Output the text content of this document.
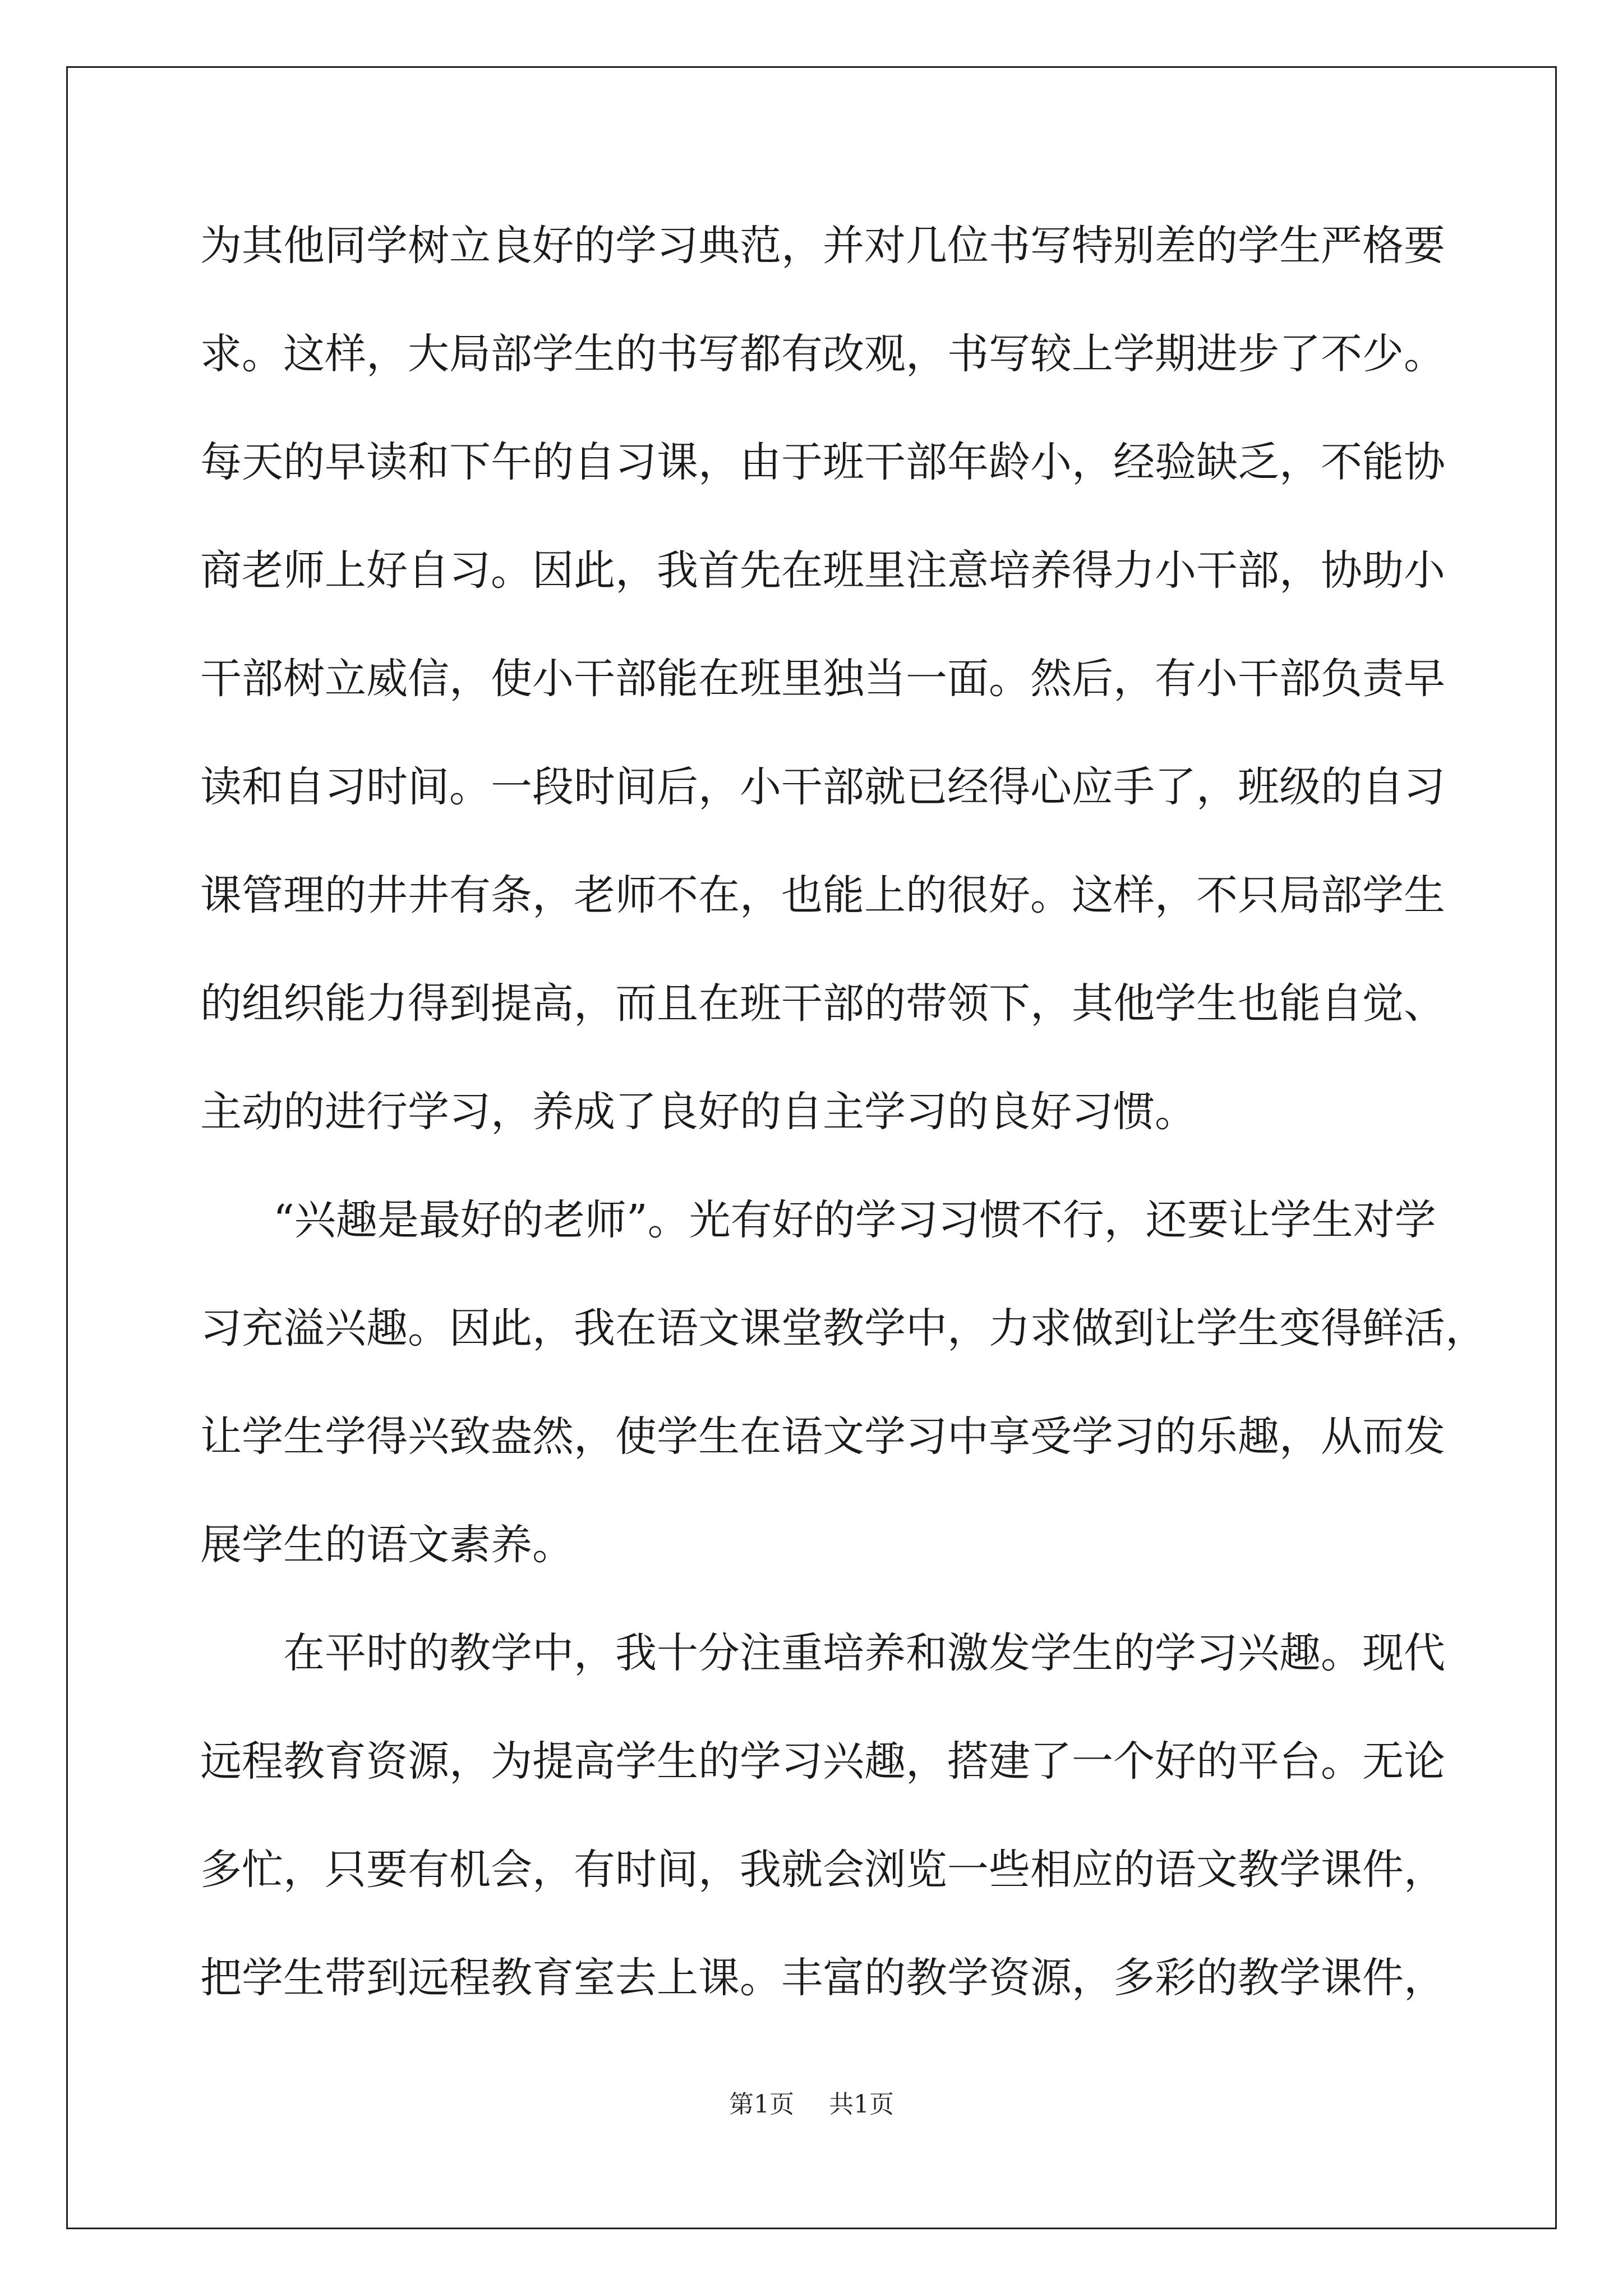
为其他同学树立良好的学习典范，并对几位书写特别差的学生严格要
求。这样，大局部学生的书写都有改观，书写较上学期进步了不少。
每天的早读和下午的自习课，由于班干部年龄小，经验缺乏，不能协
商老师上好自习。因此，我首先在班里注意培养得力小干部，协助小
干部树立威信，使小干部能在班里独当一面。然后，有小干部负责早
读和自习时间。一段时间后，小干部就已经得心应手了，班级的自习
课管理的井井有条，老师不在，也能上的很好。这样，不只局部学生
的组织能力得到提高，而且在班干部的带领下，其他学生也能自觉、
主动的进行学习，养成了良好的自主学习的良好习惯。
“兴趣是最好的老师”。光有好的学习习惯不行，还要让学生对学
习充溢兴趣。因此，我在语文课堂教学中，力求做到让学生变得鲜活，
让学生学得兴致盎然，使学生在语文学习中享受学习的乐趣，从而发
展学生的语文素养。
在平时的教学中，我十分注重培养和激发学生的学习兴趣。现代
远程教育资源，为提高学生的学习兴趣，搭建了一个好的平台。无论
多忙，只要有机会，有时间，我就会浏览一些相应的语文教学课件，
把学生带到远程教育室去上课。丰富的教学资源，多彩的教学课件，
第1页 共1页
